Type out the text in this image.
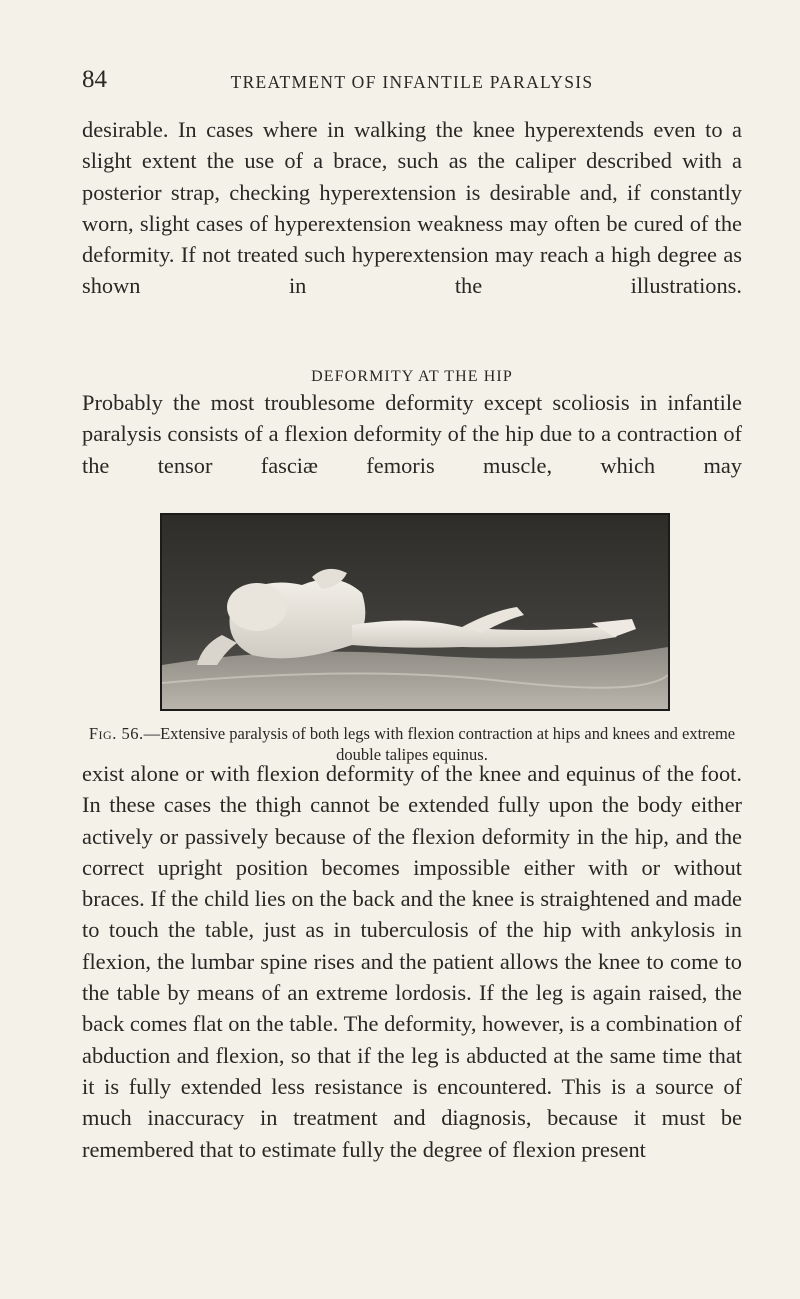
84	TREATMENT OF INFANTILE PARALYSIS

desirable. In cases where in walking the knee hyperextends even to a slight extent the use of a brace, such as the caliper described with a posterior strap, checking hyperextension is desirable and, if constantly worn, slight cases of hyperextension weakness may often be cured of the deformity. If not treated such hyperextension may reach a high degree as shown in the illustrations.

DEFORMITY AT THE HIP

Probably the most troublesome deformity except scoliosis in infantile paralysis consists of a flexion deformity of the hip due to a contraction of the tensor fasciæ femoris muscle, which may

Fig. 56.—Extensive paralysis of both legs with flexion contraction at hips and knees and extreme double talipes equinus.

exist alone or with flexion deformity of the knee and equinus of the foot. In these cases the thigh cannot be extended fully upon the body either actively or passively because of the flexion deformity in the hip, and the correct upright position becomes impossible either with or without braces. If the child lies on the back and the knee is straightened and made to touch the table, just as in tuberculosis of the hip with ankylosis in flexion, the lumbar spine rises and the patient allows the knee to come to the table by means of an extreme lordosis. If the leg is again raised, the back comes flat on the table. The deformity, however, is a combination of abduction and flexion, so that if the leg is abducted at the same time that it is fully extended less resistance is encountered. This is a source of much inaccuracy in treatment and diagnosis, because it must be remembered that to estimate fully the degree of flexion present
